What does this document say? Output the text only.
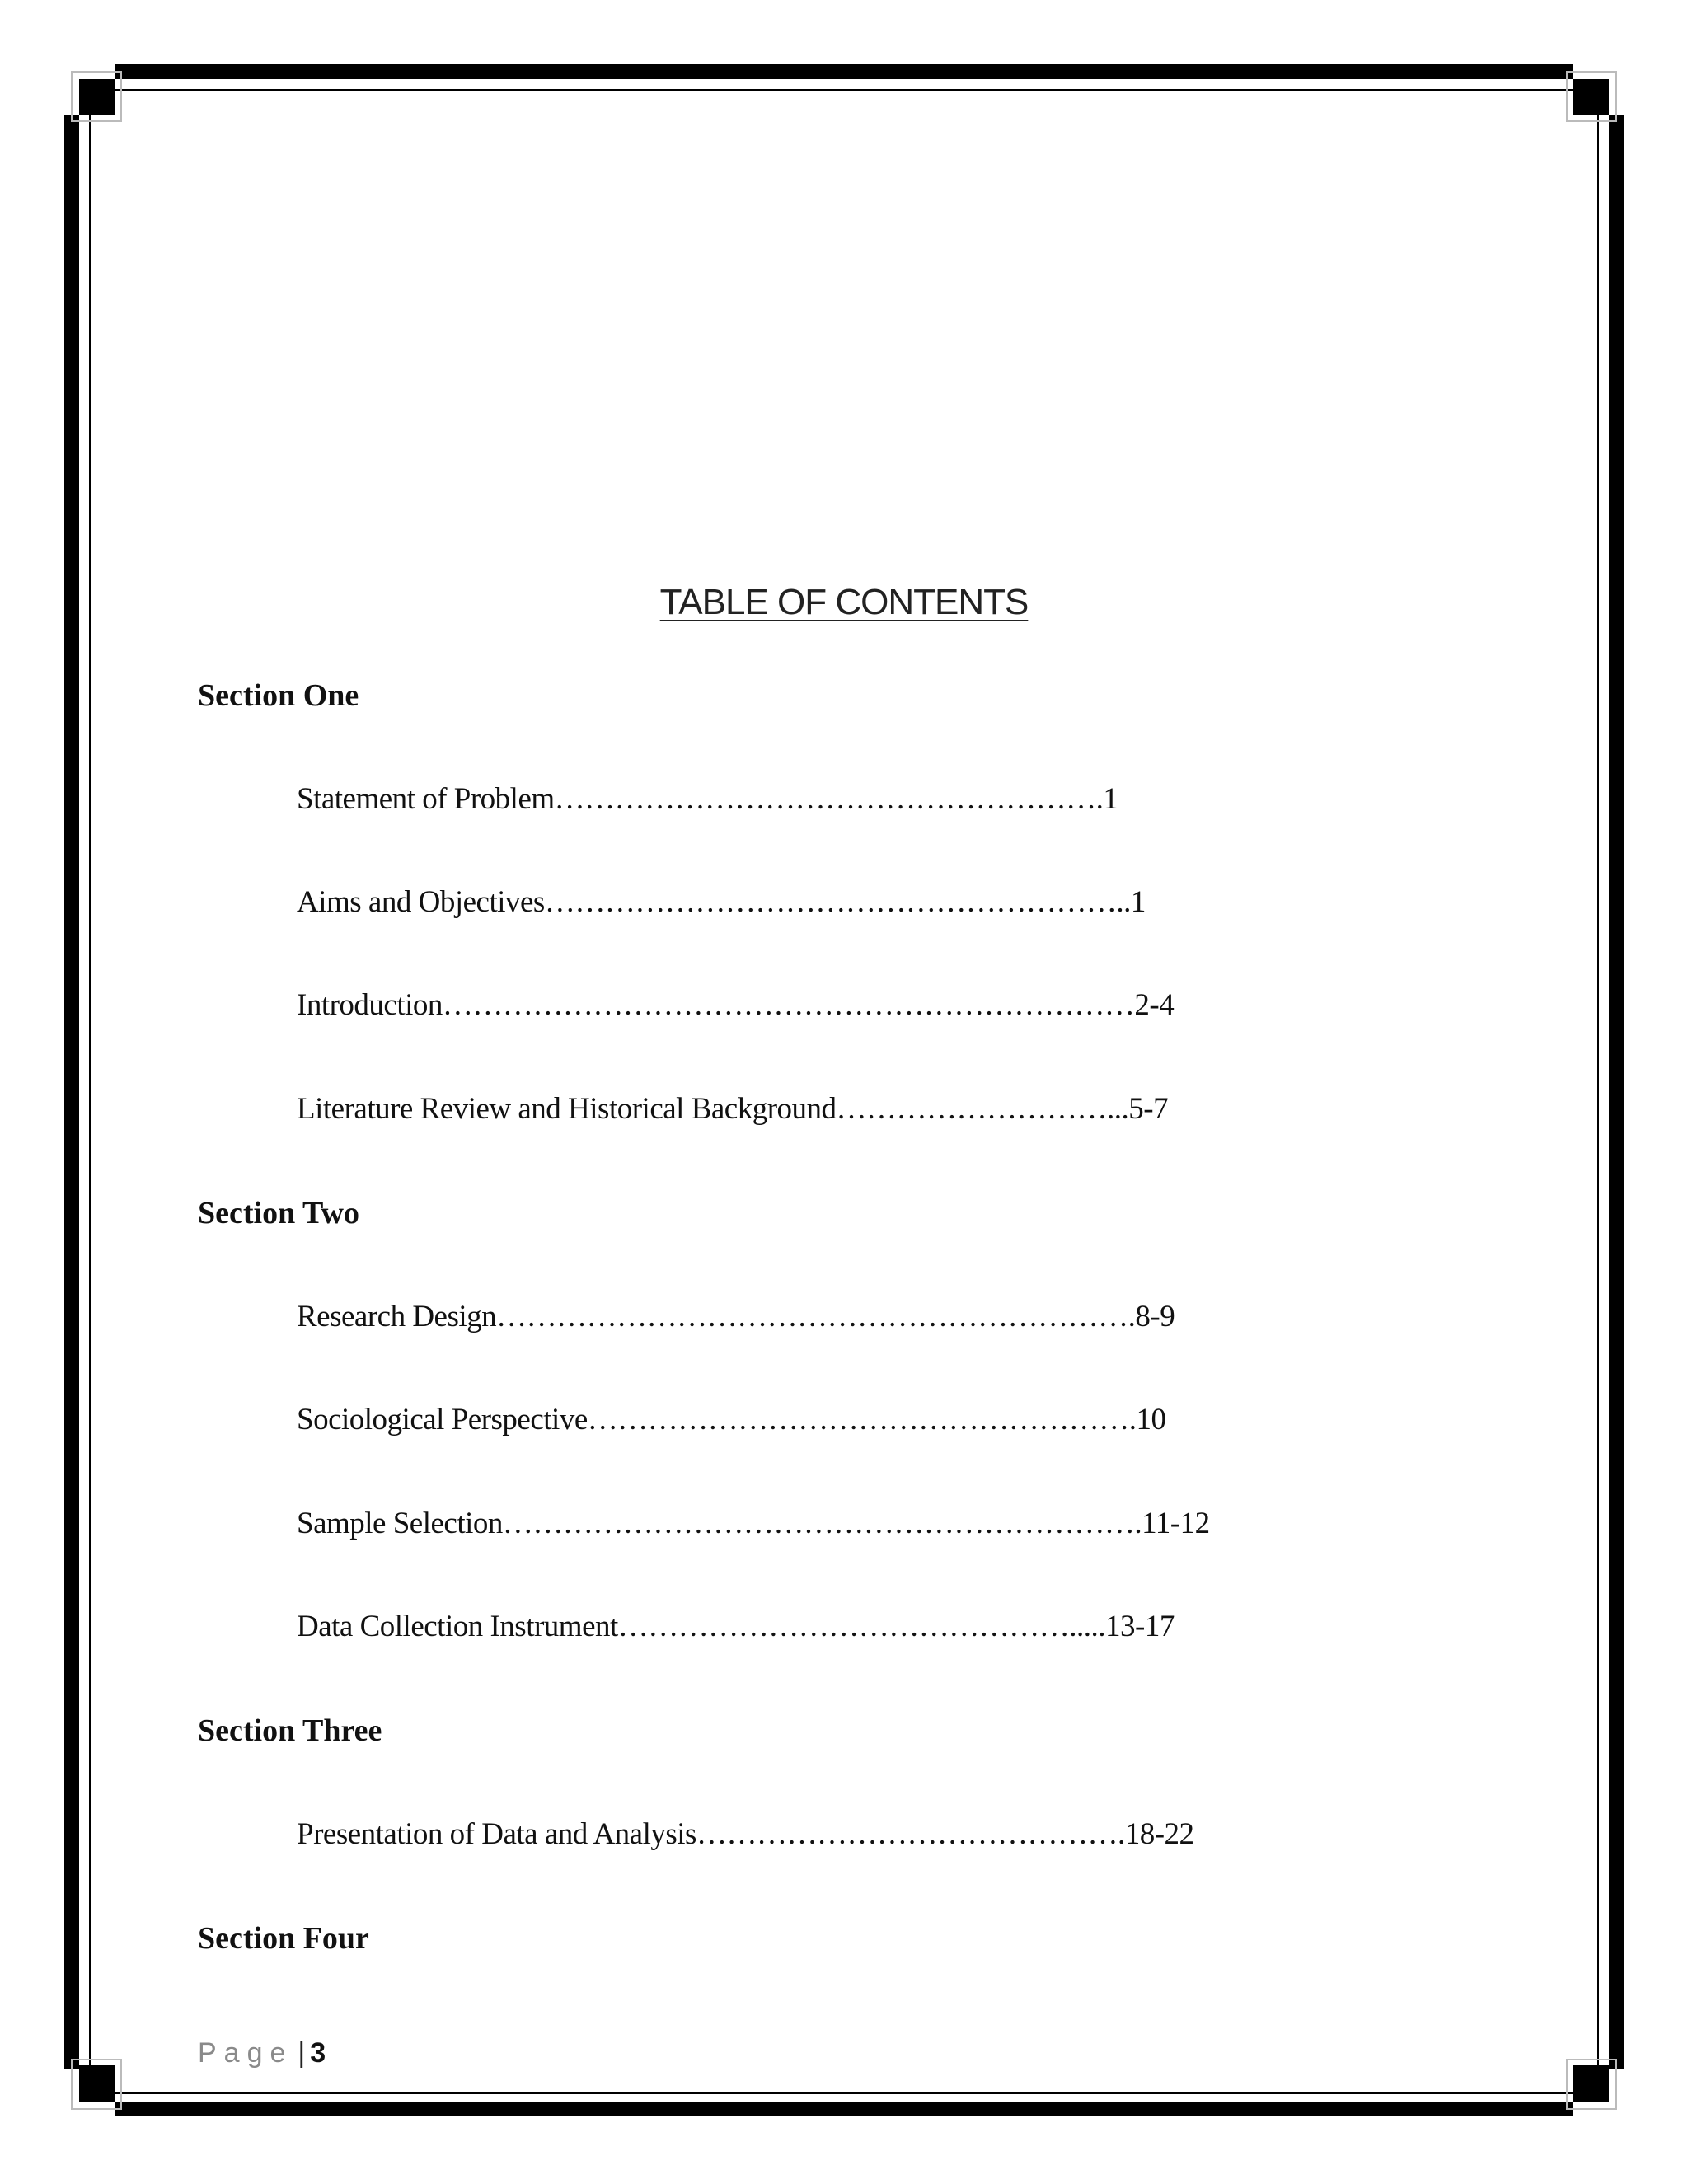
TABLE OF CONTENTS
Section One
Statement of Problem……………………………………………….1
Aims and Objectives…………………………………………………..1
Introduction……………………………………………………………2-4
Literature Review and Historical Background………………………...5-7
Section Two
Research Design……………………………………………………….8-9
Sociological Perspective……………………………………………….10
Sample Selection……………………………………………………….11-12
Data Collection Instrument……………………………………….....13-17
Section Three
Presentation of Data and Analysis…………………………………….18-22
Section Four
Page | 3
